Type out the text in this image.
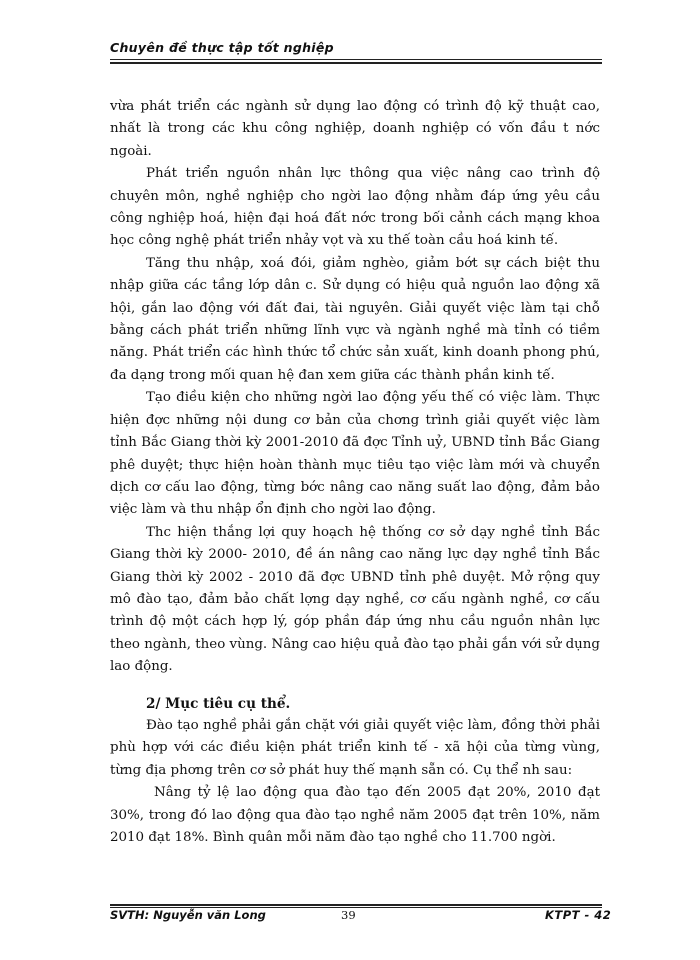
Chuyên đề thực tập tốt nghiệp

vừa phát triển các ngành sử dụng lao động có trình độ kỹ thuật cao, nhất là trong các khu công nghiệp, doanh nghiệp có vốn đầu t nớc ngoài.

Phát triển nguồn nhân lực thông qua việc nâng cao trình độ chuyên môn, nghề nghiệp cho ngời lao động nhằm đáp ứng yêu cầu công nghiệp hoá, hiện đại hoá đất nớc trong bối cảnh cách mạng khoa học công nghệ phát triển nhảy vọt và xu thế toàn cầu hoá kinh tế.

Tăng thu nhập, xoá đói, giảm nghèo, giảm bớt sự cách biệt thu nhập giữa các tầng lớp dân c. Sử dụng có hiệu quả nguồn lao động xã hội, gắn lao động với đất đai, tài nguyên. Giải quyết việc làm tại chỗ bằng cách phát triển những lĩnh vực và ngành nghề mà tỉnh có tiềm năng. Phát triển các hình thức tổ chức sản xuất, kinh doanh phong phú, đa dạng trong mối quan hệ đan xem giữa các thành phần kinh tế.

Tạo điều kiện cho những ngời lao động yếu thế có việc làm. Thực hiện đợc những nội dung cơ bản của chơng trình giải quyết việc làm tỉnh Bắc Giang thời kỳ 2001-2010 đã đợc Tỉnh uỷ, UBND tỉnh Bắc Giang phê duyệt; thực hiện hoàn thành mục tiêu tạo việc làm mới và chuyển dịch cơ cấu lao động, từng bớc nâng cao năng suất lao động, đảm bảo việc làm và thu nhập ổn định cho ngời lao động.

Thc hiện thắng lợi quy hoạch hệ thống cơ sở dạy nghề tỉnh Bắc Giang thời kỳ 2000- 2010, đề án nâng cao năng lực dạy nghề tỉnh Bắc Giang thời kỳ 2002 - 2010 đã đợc UBND tỉnh phê duyệt. Mở rộng quy mô đào tạo, đảm bảo chất lợng dạy nghề, cơ cấu ngành nghề, cơ cấu trình độ một cách hợp lý, góp phần đáp ứng nhu cầu nguồn nhân lực theo ngành, theo vùng. Nâng cao hiệu quả đào tạo phải gắn với sử dụng lao động.

2/ Mục tiêu cụ thể.

Đào tạo nghề phải gắn chặt với giải quyết việc làm, đồng thời phải phù hợp với các điều kiện phát triển kinh tế - xã hội của từng vùng, từng địa phơng trên cơ sở phát huy thế mạnh sẵn có. Cụ thể nh sau:

Nâng tỷ lệ lao động qua đào tạo đến 2005 đạt 20%, 2010 đạt 30%, trong đó lao động qua đào tạo nghề năm 2005 đạt trên 10%, năm 2010 đạt 18%. Bình quân mỗi năm đào tạo nghề cho 11.700 ngời.

SVTH: Nguyễn văn Long	39	KTPT - 42
